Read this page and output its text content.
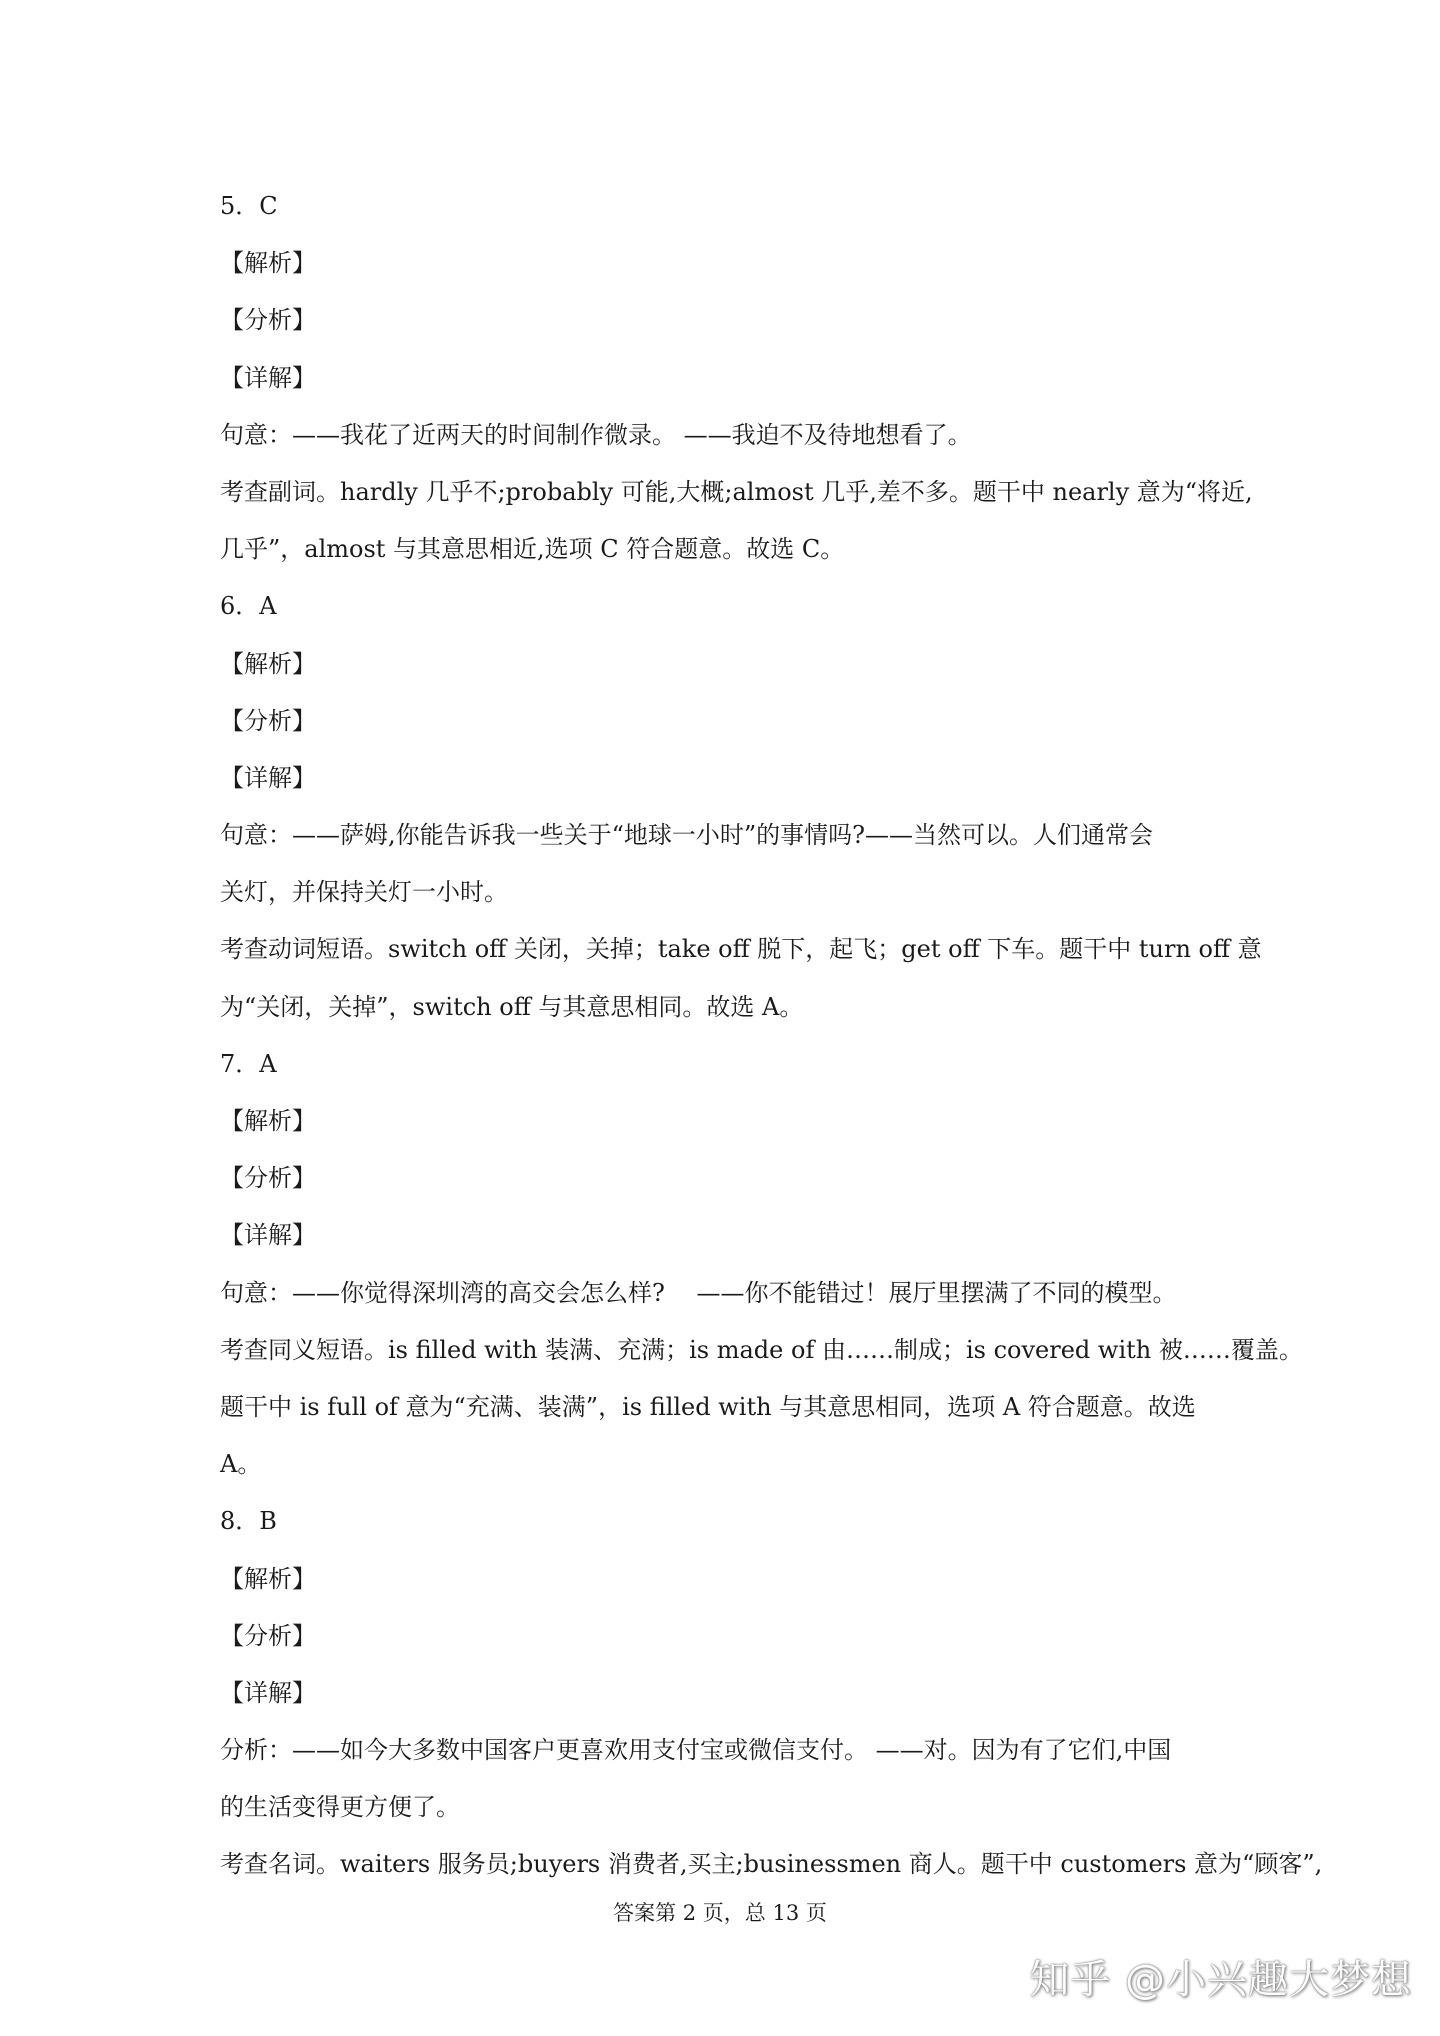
5．C

【解析】

【分析】

【详解】

句意：——我花了近两天的时间制作微录。 ——我迫不及待地想看了。

考查副词。hardly 几乎不;probably 可能,大概;almost 几乎,差不多。题干中 nearly 意为“将近,

几乎”，almost 与其意思相近,选项 C 符合题意。故选 C。

6．A

【解析】

【分析】

【详解】

句意：——萨姆,你能告诉我一些关于“地球一小时”的事情吗?——当然可以。人们通常会

关灯，并保持关灯一小时。

考查动词短语。switch off 关闭，关掉；take off 脱下，起飞；get off 下车。题干中 turn off 意

为“关闭，关掉”，switch off 与其意思相同。故选 A。

7．A

【解析】

【分析】

【详解】

句意：——你觉得深圳湾的高交会怎么样?　 ——你不能错过！展厅里摆满了不同的模型。

考查同义短语。is filled with 装满、充满；is made of 由……制成；is covered with 被……覆盖。

题干中 is full of 意为“充满、装满”，is filled with 与其意思相同，选项 A 符合题意。故选

A。

8．B

【解析】

【分析】

【详解】

分析：——如今大多数中国客户更喜欢用支付宝或微信支付。 ——对。因为有了它们,中国

的生活变得更方便了。

考查名词。waiters 服务员;buyers 消费者,买主;businessmen 商人。题干中 customers 意为“顾客”,

答案第 2 页，总 13 页
知乎 @小兴趣大梦想
